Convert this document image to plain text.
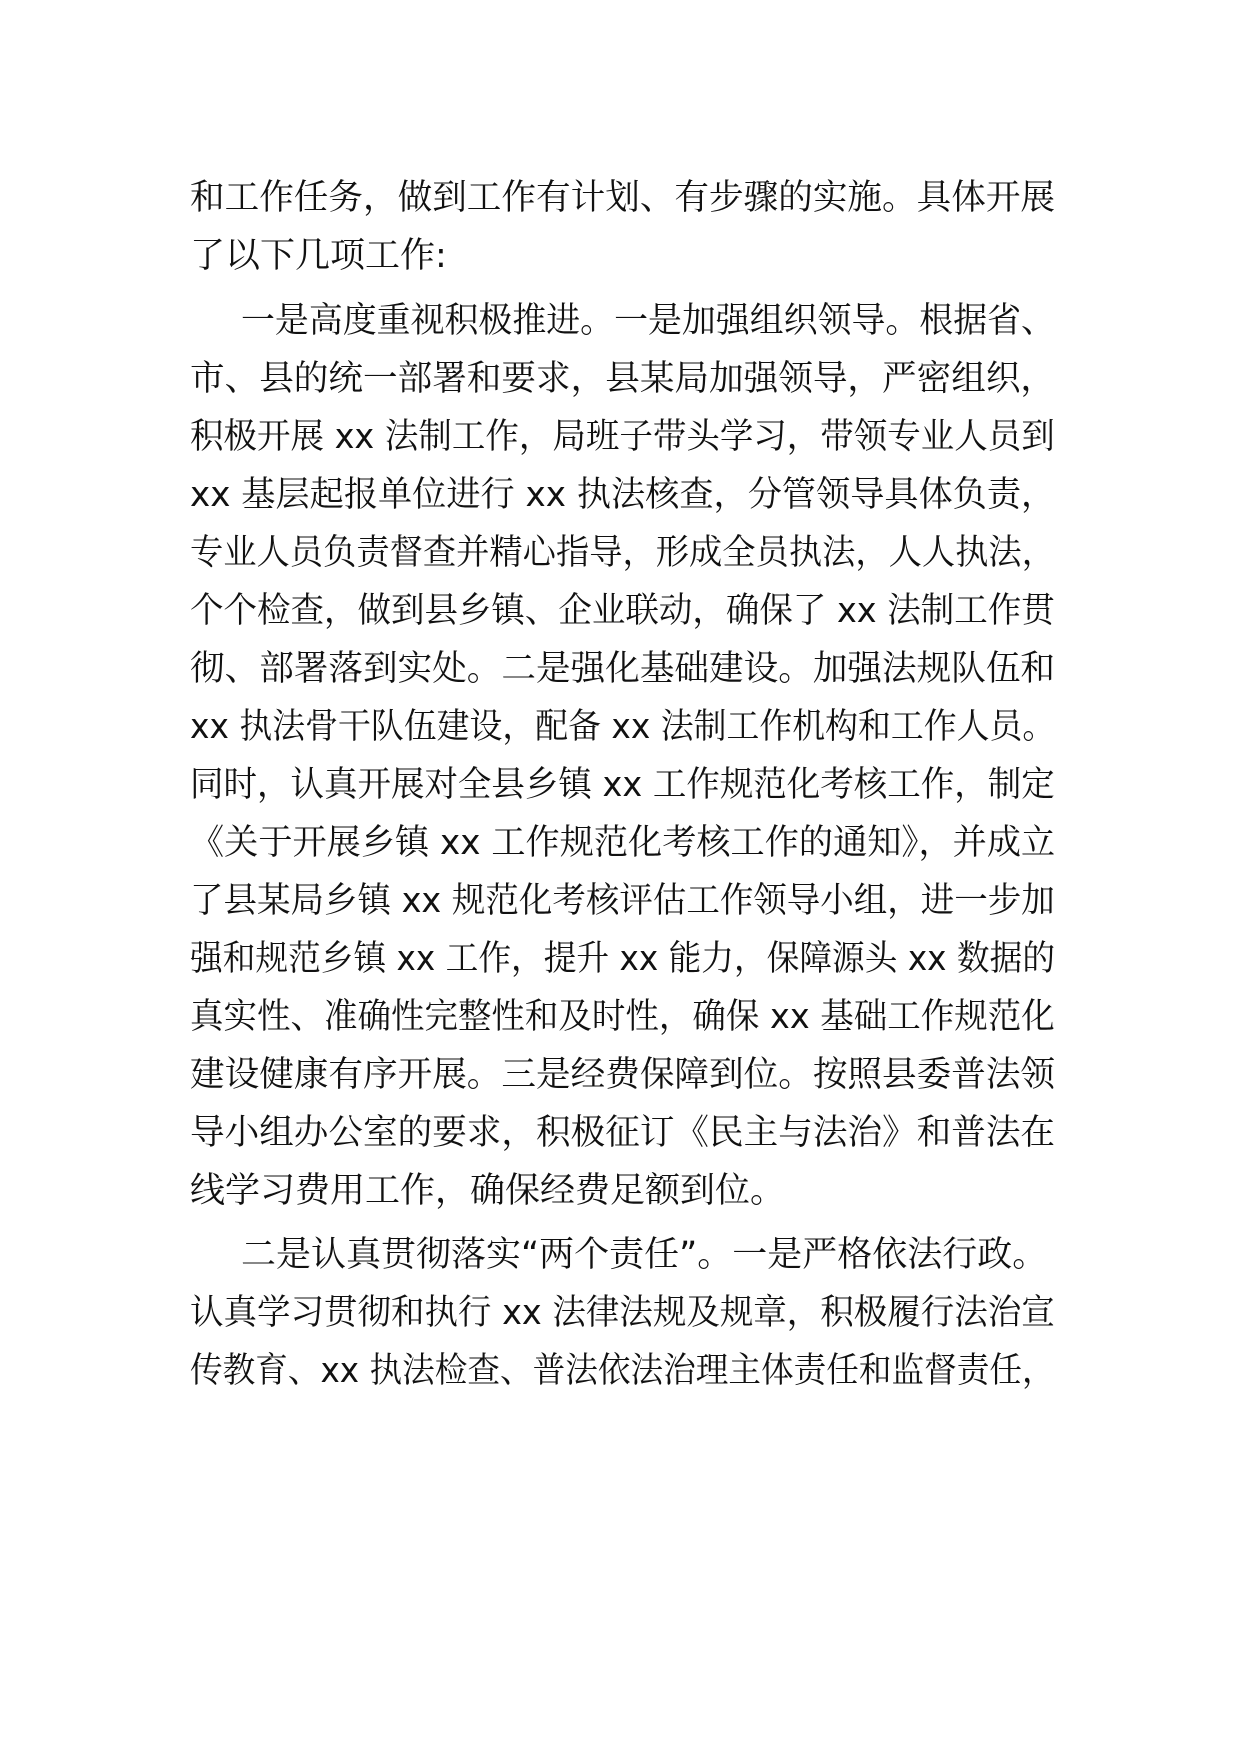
和工作任务，做到工作有计划、有步骤的实施。具体开展
了以下几项工作:
一是高度重视积极推进。一是加强组织领导。根据省、
市、县的统一部署和要求，县某局加强领导，严密组织，
积极开展 xx 法制工作，局班子带头学习，带领专业人员到
xx 基层起报单位进行 xx 执法核查，分管领导具体负责，
专业人员负责督查并精心指导，形成全员执法，人人执法，
个个检查，做到县乡镇、企业联动，确保了 xx 法制工作贯
彻、部署落到实处。二是强化基础建设。加强法规队伍和
xx 执法骨干队伍建设，配备 xx 法制工作机构和工作人员。
同时，认真开展对全县乡镇 xx 工作规范化考核工作，制定
《关于开展乡镇 xx 工作规范化考核工作的通知》，并成立
了县某局乡镇 xx 规范化考核评估工作领导小组，进一步加
强和规范乡镇 xx 工作，提升 xx 能力，保障源头 xx 数据的
真实性、准确性完整性和及时性，确保 xx 基础工作规范化
建设健康有序开展。三是经费保障到位。按照县委普法领
导小组办公室的要求，积极征订《民主与法治》和普法在
线学习费用工作，确保经费足额到位。
二是认真贯彻落实“两个责任”。一是严格依法行政。
认真学习贯彻和执行 xx 法律法规及规章，积极履行法治宣
传教育、xx 执法检查、普法依法治理主体责任和监督责任，
